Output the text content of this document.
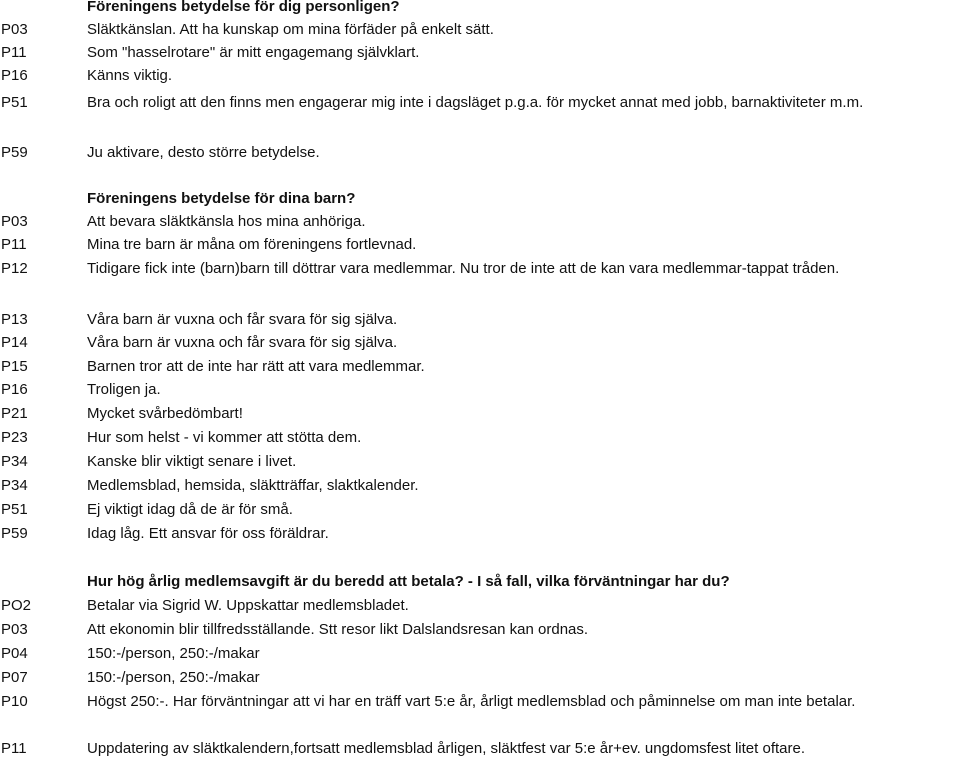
Föreningens betydelse för dig personligen?
P03	Släktkänslan. Att ha kunskap om mina förfäder på enkelt sätt.
P11	Som "hasselrotare" är mitt engagemang självklart.
P16	Känns viktig.
P51	Bra och roligt att den finns men engagerar mig inte i dagsläget p.g.a. för mycket annat med jobb, barnaktiviteter m.m.
P59	Ju aktivare, desto större betydelse.
Föreningens betydelse för dina barn?
P03	Att bevara släktkänsla hos mina anhöriga.
P11	Mina tre barn är måna om föreningens fortlevnad.
P12	Tidigare fick inte (barn)barn till döttrar vara medlemmar. Nu tror de inte att de kan vara medlemmar-tappat tråden.
P13	Våra barn är vuxna och får svara för sig själva.
P14	Våra barn är vuxna och får svara för sig själva.
P15	Barnen tror att de inte har rätt att vara medlemmar.
P16	Troligen ja.
P21	Mycket svårbedömbart!
P23	Hur som helst - vi kommer att stötta dem.
P34	Kanske blir viktigt senare i livet.
P34	Medlemsblad, hemsida, släktträffar, slaktkalender.
P51	Ej viktigt idag då de är för små.
P59	Idag låg. Ett ansvar för oss föräldrar.
Hur hög årlig medlemsavgift är du beredd att betala? - I så fall, vilka förväntningar har du?
PO2	Betalar via Sigrid W. Uppskattar medlemsbladet.
P03	Att ekonomin blir tillfredsställande. Stt resor likt Dalslandsresan kan ordnas.
P04	150:-/person, 250:-/makar
P07	150:-/person, 250:-/makar
P10	Högst 250:-. Har förväntningar att vi har en träff vart 5:e år, årligt medlemsblad och påminnelse om man inte betalar.
P11	Uppdatering av släktkalendern,fortsatt medlemsblad årligen, släktfest var 5:e år+ev. ungdomsfest litet oftare.
